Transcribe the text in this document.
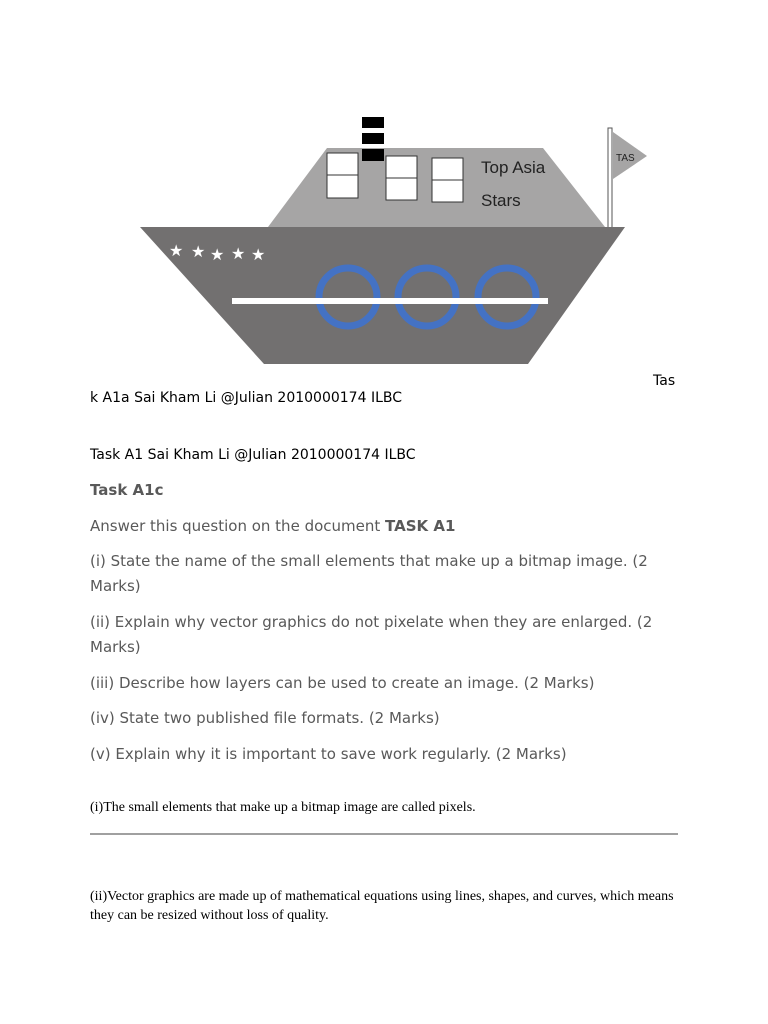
Top Asia
Stars
TAS
★ ★ ★ ★ ★
Tas
k A1a Sai Kham Li @Julian 2010000174 ILBC
Task A1 Sai Kham Li @Julian 2010000174 ILBC
Task A1c
Answer this question on the document TASK A1
(i) State the name of the small elements that make up a bitmap image. (2 Marks)
(ii) Explain why vector graphics do not pixelate when they are enlarged. (2 Marks)
(iii) Describe how layers can be used to create an image. (2 Marks)
(iv) State two published file formats. (2 Marks)
(v) Explain why it is important to save work regularly. (2 Marks)
(i)The small elements that make up a bitmap image are called pixels.
(ii)Vector graphics are made up of mathematical equations using lines, shapes, and curves, which means they can be resized without loss of quality.
